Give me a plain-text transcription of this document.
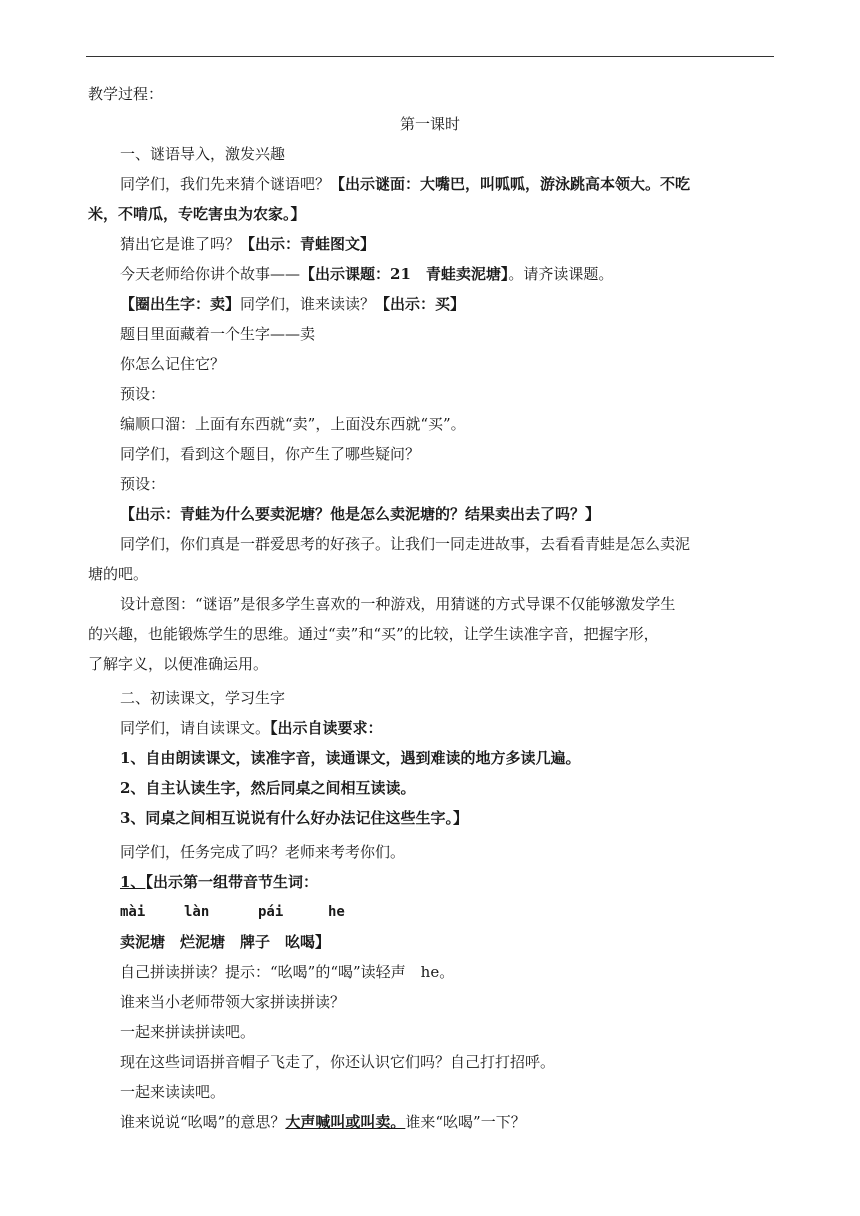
教学过程：
第一课时
一、谜语导入，激发兴趣
同学们，我们先来猜个谜语吧？【出示谜面：大嘴巴，叫呱呱，游泳跳高本领大。不吃
米，不啃瓜，专吃害虫为农家。】
猜出它是谁了吗？【出示：青蛙图文】
今天老师给你讲个故事——【出示课题：21　青蛙卖泥塘】。请齐读课题。
【圈出生字：卖】同学们，谁来读读？【出示：买】
题目里面藏着一个生字——卖
你怎么记住它？
预设：
编顺口溜：上面有东西就“卖”，上面没东西就“买”。
同学们，看到这个题目，你产生了哪些疑问？
预设：
【出示：青蛙为什么要卖泥塘？他是怎么卖泥塘的？结果卖出去了吗？】
同学们，你们真是一群爱思考的好孩子。让我们一同走进故事，去看看青蛙是怎么卖泥
塘的吧。
设计意图：“谜语”是很多学生喜欢的一种游戏，用猜谜的方式导课不仅能够激发学生
的兴趣，也能锻炼学生的思维。通过“卖”和“买”的比较，让学生读准字音，把握字形，
了解字义，以便准确运用。
二、初读课文，学习生字
同学们，请自读课文。【出示自读要求：
1、自由朗读课文，读准字音，读通课文，遇到难读的地方多读几遍。
2、自主认读生字，然后同桌之间相互读读。
3、同桌之间相互说说有什么好办法记住这些生字。】
同学们，任务完成了吗？老师来考考你们。
1、【出示第一组带音节生词：
mài	làn	pái	he
卖泥塘　烂泥塘　牌子　吆喝】
自己拼读拼读？提示：“吆喝”的“喝”读轻声　he。
谁来当小老师带领大家拼读拼读？
一起来拼读拼读吧。
现在这些词语拼音帽子飞走了，你还认识它们吗？自己打打招呼。
一起来读读吧。
谁来说说“吆喝”的意思？大声喊叫或叫卖。谁来“吆喝”一下？
